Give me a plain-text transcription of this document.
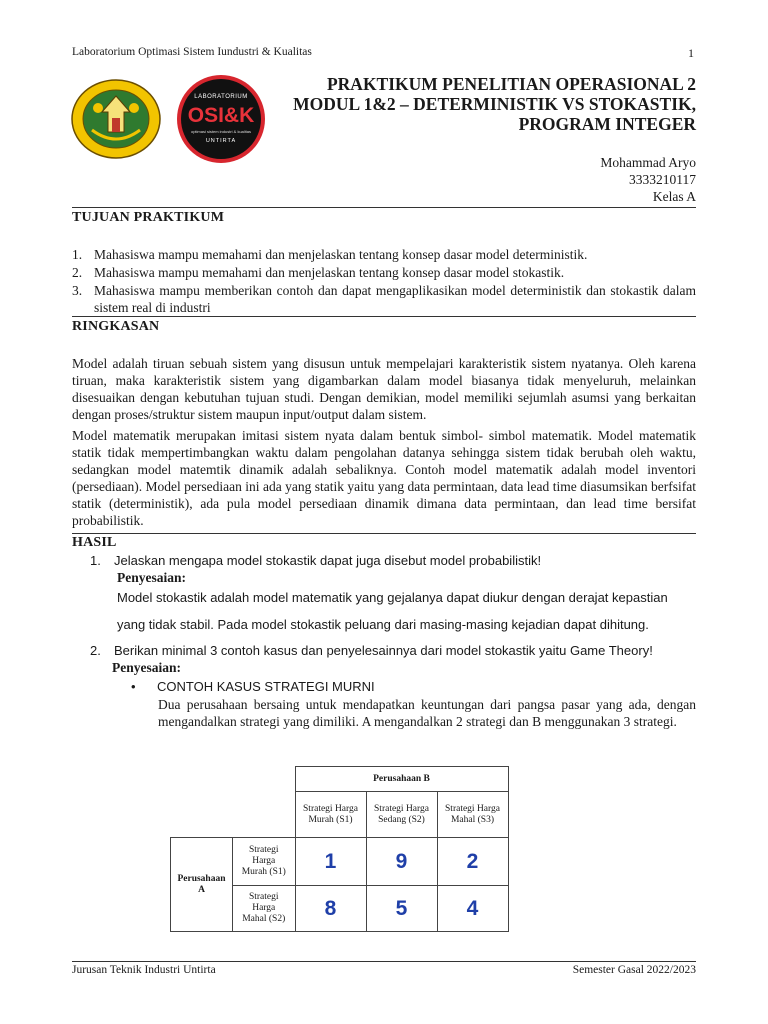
Laboratorium Optimasi Sistem Iundustri & Kualitas	1
LABORATORIUM
OSI&K
optimasi sistem industri & kualitas
UNTIRTA
PRAKTIKUM PENELITIAN OPERASIONAL 2
MODUL 1&2 – DETERMINISTIK VS STOKASTIK,
PROGRAM INTEGER
Mohammad Aryo
3333210117
Kelas A
TUJUAN PRAKTIKUM
1. Mahasiswa mampu memahami dan menjelaskan tentang konsep dasar model deterministik.
2. Mahasiswa mampu memahami dan menjelaskan tentang konsep dasar model stokastik.
3. Mahasiswa mampu memberikan contoh dan dapat mengaplikasikan model deterministik dan stokastik dalam sistem real di industri
RINGKASAN
Model adalah tiruan sebuah sistem yang disusun untuk mempelajari karakteristik sistem nyatanya. Oleh karena tiruan, maka karakteristik sistem yang digambarkan dalam model biasanya tidak menyeluruh, melainkan disesuaikan dengan kebutuhan tujuan studi. Dengan demikian, model memiliki sejumlah asumsi yang berkaitan dengan proses/struktur sistem maupun input/output dalam sistem.
Model matematik merupakan imitasi sistem nyata dalam bentuk simbol- simbol matematik. Model matematik statik tidak mempertimbangkan waktu dalam pengolahan datanya sehingga sistem tidak berubah oleh waktu, sedangkan model matemtik dinamik adalah sebaliknya. Contoh model matematik adalah model inventori (persediaan). Model persediaan ini ada yang statik yaitu yang data permintaan, data lead time diasumsikan berfsifat statik (deterministik), ada pula model persediaan dinamik dimana data permintaan, dan lead time bersifat probabilistik.
HASIL
1. Jelaskan mengapa model stokastik dapat juga disebut model probabilistik!
Penyesaian:
Model stokastik adalah model matematik yang gejalanya dapat diukur dengan derajat kepastian
yang tidak stabil. Pada model stokastik peluang dari masing-masing kejadian dapat dihitung.
2. Berikan minimal 3 contoh kasus dan penyelesainnya dari model stokastik yaitu Game Theory!
Penyesaian:
• CONTOH KASUS STRATEGI MURNI
Dua perusahaan bersaing untuk mendapatkan keuntungan dari pangsa pasar yang ada, dengan mengandalkan strategi yang dimiliki. A mengandalkan 2 strategi dan B menggunakan 3 strategi.
		Perusahaan B		
		Strategi Harga Murah (S1)	Strategi Harga Sedang (S2)	Strategi Harga Mahal (S3)
Perusahaan A	Strategi Harga Murah (S1)	1	9	2
	Strategi Harga Mahal (S2)	8	5	4
Jurusan Teknik Industri Untirta	Semester Gasal 2022/2023
